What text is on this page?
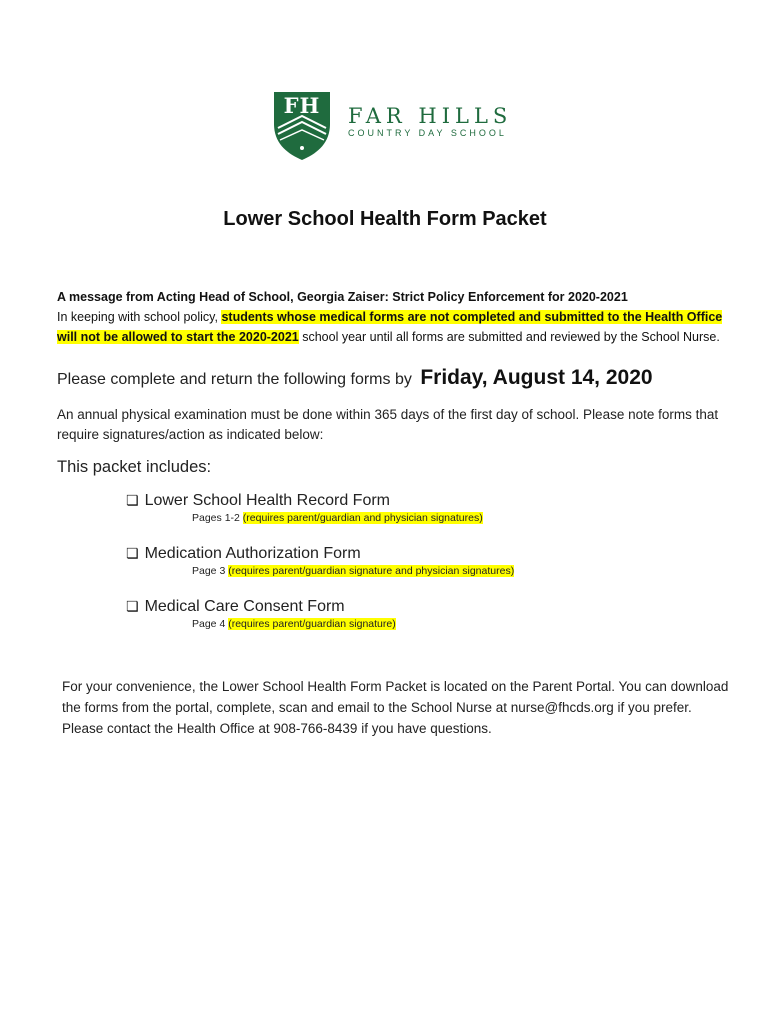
FH	FAR HILLS
COUNTRY DAY SCHOOL
Lower School Health Form Packet
A message from Acting Head of School, Georgia Zaiser: Strict Policy Enforcement for 2020-2021
In keeping with school policy, students whose medical forms are not completed and submitted to the Health Office will not be allowed to start the 2020-2021 school year until all forms are submitted and reviewed by the School Nurse.
Please complete and return the following forms by Friday, August 14, 2020
An annual physical examination must be done within 365 days of the first day of school. Please note forms that require signatures/action as indicated below:
This packet includes:
❏ Lower School Health Record Form
Pages 1-2 (requires parent/guardian and physician signatures)
❏ Medication Authorization Form
Page 3 (requires parent/guardian signature and physician signatures)
❏ Medical Care Consent Form
Page 4 (requires parent/guardian signature)
For your convenience, the Lower School Health Form Packet is located on the Parent Portal. You can download the forms from the portal, complete, scan and email to the School Nurse at nurse@fhcds.org if you prefer. Please contact the Health Office at 908-766-8439 if you have questions.
